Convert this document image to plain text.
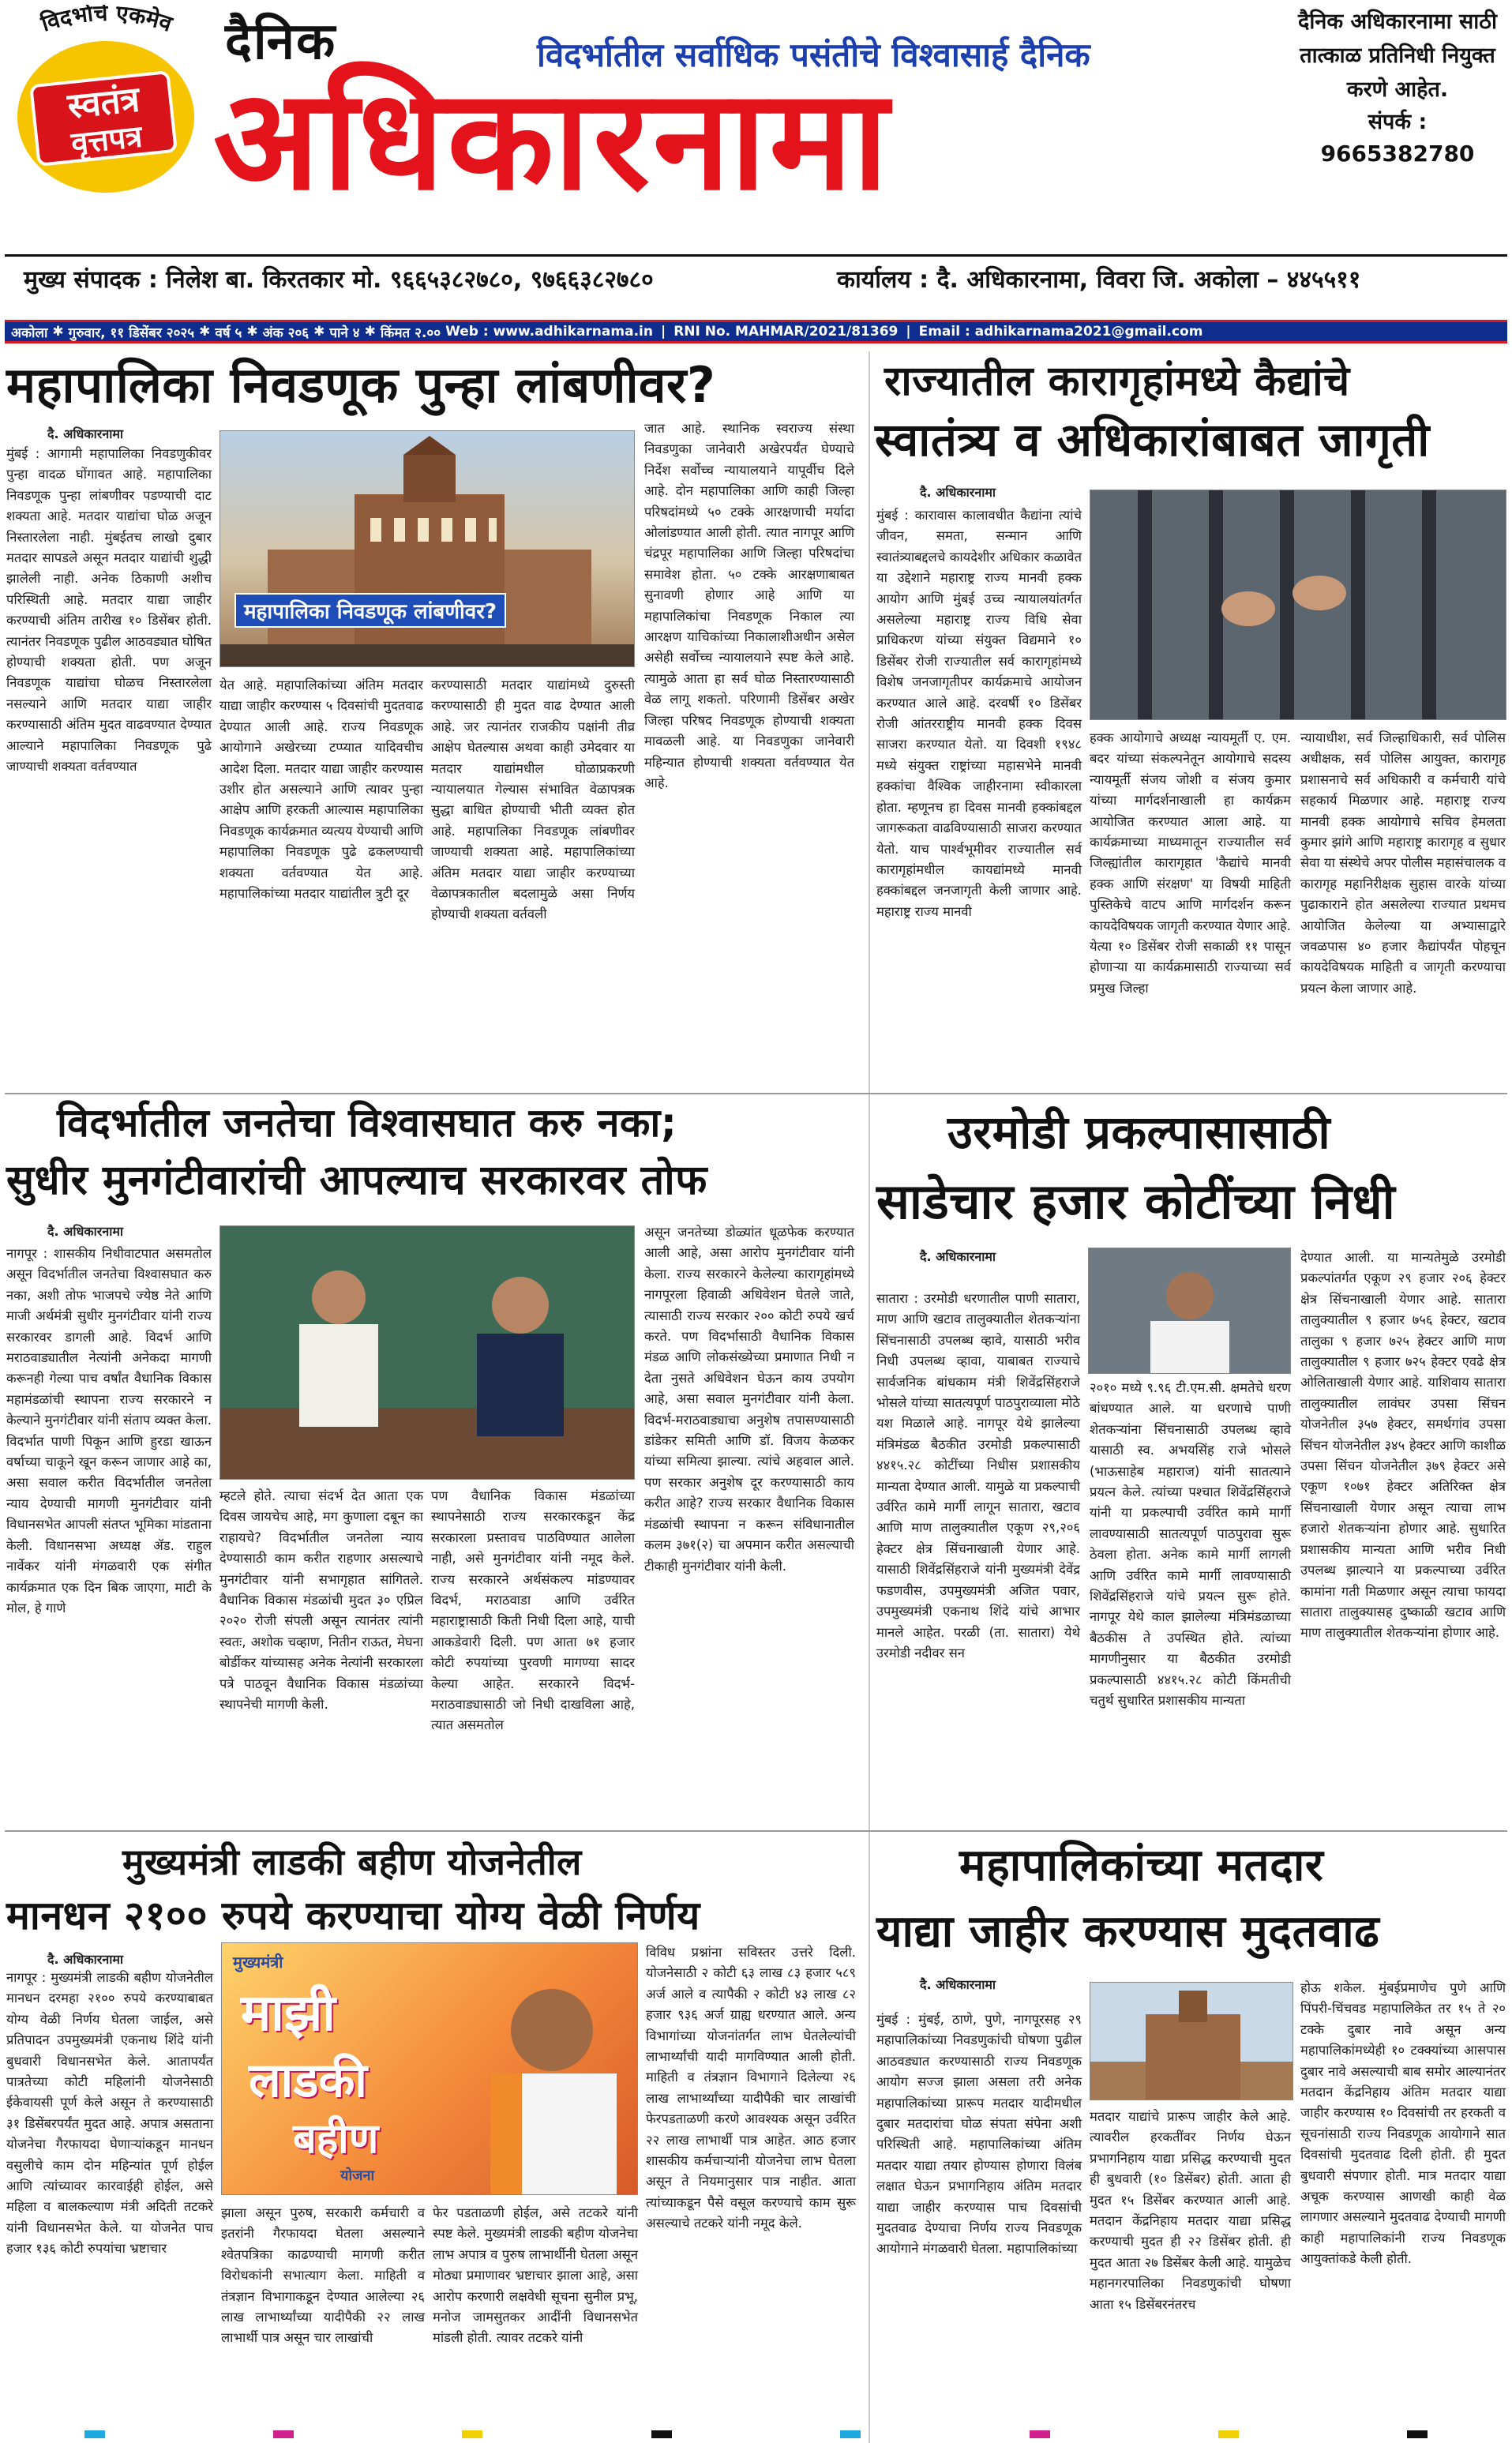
विदर्भाचे एकमेव
स्वतंत्र
वृत्तपत्र
दैनिक	विदर्भातील सर्वाधिक पसंतीचे विश्वासार्ह दैनिक
अधिकारनामा
दैनिक अधिकारनामा साठी तात्काळ प्रतिनिधी नियुक्त करणे आहेत.
संपर्क :
9665382780
मुख्य संपादक : निलेश बा. किरतकार मो. ९६६५३८२७८०, ९७६६३८२७८०	कार्यालय : दै. अधिकारनामा, विवरा जि. अकोला – ४४५५११
अकोला ✱ गुरुवार, ११ डिसेंबर २०२५ ✱ वर्ष ५ ✱ अंक २०६ ✱ पाने ४ ✱ किंमत २.०० Web : www.adhikarnama.in | RNI No. MAHMAR/2021/81369 | Email : adhikarnama2021@gmail.com
महापालिका निवडणूक पुन्हा लांबणीवर?
दै. अधिकारनामा
महापालिका निवडणूक लांबणीवर?
मुंबई : आगामी महापालिका निवडणुकीवर पुन्हा वादळ घोंगावत आहे. महापालिका निवडणूक पुन्हा लांबणीवर पडण्याची दाट शक्यता आहे. मतदार याद्यांचा घोळ अजून निस्तारलेला नाही. मुंबईतच लाखो दुबार मतदार सापडले असून मतदार याद्यांची शुद्धी झालेली नाही. अनेक ठिकाणी अशीच परिस्थिती आहे. मतदार याद्या जाहीर करण्याची अंतिम तारीख १० डिसेंबर होती. त्यानंतर निवडणूक पुढील आठवड्यात घोषित होण्याची शक्यता होती. पण अजून निवडणूक याद्यांचा घोळच निस्तारलेला नसल्याने आणि मतदार याद्या जाहीर करण्यासाठी अंतिम मुदत वाढवण्यात देण्यात आल्याने महापालिका निवडणूक पुढे जाण्याची शक्यता वर्तवण्यात
येत आहे. महापालिकांच्या अंतिम मतदार याद्या जाहीर करण्यास ५ दिवसांची मुदतवाढ देण्यात आली आहे. राज्य निवडणूक आयोगाने अखेरच्या टप्प्यात यादिवचीच आदेश दिला. मतदार याद्या जाहीर करण्यास उशीर होत असल्याने आणि त्यावर पुन्हा आक्षेप आणि हरकती आल्यास महापालिका निवडणूक कार्यक्रमात व्यत्यय येण्याची आणि महापालिका निवडणूक पुढे ढकलण्याची शक्यता वर्तवण्यात येत आहे. महापालिकांच्या मतदार याद्यांतील त्रुटी दूर
करण्यासाठी मतदार याद्यांमध्ये दुरुस्ती करण्यासाठी ही मुदत वाढ देण्यात आली आहे. जर त्यानंतर राजकीय पक्षांनी तीव्र आक्षेप घेतल्यास अथवा काही उमेदवार या मतदार याद्यांमधील घोळाप्रकरणी न्यायालयात गेल्यास संभावित वेळापत्रक सुद्धा बाधित होण्याची भीती व्यक्त होत आहे. महापालिका निवडणूक लांबणीवर जाण्याची शक्यता आहे. महापालिकांच्या अंतिम मतदार याद्या जाहीर करण्याच्या वेळापत्रकातील बदलामुळे असा निर्णय होण्याची शक्यता वर्तवली
जात आहे. स्थानिक स्वराज्य संस्था निवडणुका जानेवारी अखेरपर्यंत घेण्याचे निर्देश सर्वोच्च न्यायालयाने यापूर्वीच दिले आहे. दोन महापालिका आणि काही जिल्हा परिषदांमध्ये ५० टक्के आरक्षणाची मर्यादा ओलांडण्यात आली होती. त्यात नागपूर आणि चंद्रपूर महापालिका आणि जिल्हा परिषदांचा समावेश होता. ५० टक्के आरक्षणाबाबत सुनावणी होणार आहे आणि या महापालिकांचा निवडणूक निकाल त्या आरक्षण याचिकांच्या निकालाशीअधीन असेल असेही सर्वोच्च न्यायालयाने स्पष्ट केले आहे. त्यामुळे आता हा सर्व घोळ निस्तारण्यासाठी वेळ लागू शकतो. परिणामी डिसेंबर अखेर जिल्हा परिषद निवडणूक होण्याची शक्यता मावळली आहे. या निवडणुका जानेवारी महिन्यात होण्याची शक्यता वर्तवण्यात येत आहे.
राज्यातील कारागृहांमध्ये कैद्यांचे
स्वातंत्र्य व अधिकारांबाबत जागृती
दै. अधिकारनामा
मुंबई : कारावास कालावधीत कैद्यांना त्यांचे जीवन, समता, सन्मान आणि स्वातंत्र्याबद्दलचे कायदेशीर अधिकार कळावेत या उद्देशाने महाराष्ट्र राज्य मानवी हक्क आयोग आणि मुंबई उच्च न्यायालयांतर्गत असलेल्या महाराष्ट्र राज्य विधि सेवा प्राधिकरण यांच्या संयुक्त विद्यमाने १० डिसेंबर रोजी राज्यातील सर्व कारागृहांमध्ये विशेष जनजागृतीपर कार्यक्रमाचे आयोजन करण्यात आले आहे. दरवर्षी १० डिसेंबर रोजी आंतरराष्ट्रीय मानवी हक्क दिवस साजरा करण्यात येतो. या दिवशी १९४८ मध्ये संयुक्त राष्ट्रांच्या महासभेने मानवी हक्कांचा वैश्विक जाहीरनामा स्वीकारला होता. म्हणूनच हा दिवस मानवी हक्कांबद्दल जागरूकता वाढविण्यासाठी साजरा करण्यात येतो. याच पार्श्वभूमीवर राज्यातील सर्व कारागृहांमधील कायद्यांमध्ये मानवी हक्कांबद्दल जनजागृती केली जाणार आहे. महाराष्ट्र राज्य मानवी
हक्क आयोगाचे अध्यक्ष न्यायमूर्ती ए. एम. बदर यांच्या संकल्पनेतून आयोगाचे सदस्य न्यायमूर्ती संजय जोशी व संजय कुमार यांच्या मार्गदर्शनाखाली हा कार्यक्रम आयोजित करण्यात आला आहे. या कार्यक्रमाच्या माध्यमातून राज्यातील सर्व जिल्ह्यांतील कारागृहात 'कैद्यांचे मानवी हक्क आणि संरक्षण' या विषयी माहिती पुस्तिकेचे वाटप आणि मार्गदर्शन करून कायदेविषयक जागृती करण्यात येणार आहे. येत्या १० डिसेंबर रोजी सकाळी ११ पासून होणाऱ्या या कार्यक्रमासाठी राज्याच्या सर्व प्रमुख जिल्हा
न्यायाधीश, सर्व जिल्हाधिकारी, सर्व पोलिस अधीक्षक, सर्व पोलिस आयुक्त, कारागृह प्रशासनाचे सर्व अधिकारी व कर्मचारी यांचे सहकार्य मिळणार आहे. महाराष्ट्र राज्य मानवी हक्क आयोगाचे सचिव हेमलता कुमार झांगे आणि महाराष्ट्र कारागृह व सुधार सेवा या संस्थेचे अपर पोलीस महासंचालक व कारागृह महानिरीक्षक सुहास वारके यांच्या पुढाकाराने होत असलेल्या राज्यात प्रथमच आयोजित केलेल्या या अभ्यासाद्वारे जवळपास ४० हजार कैद्यांपर्यंत पोहचून कायदेविषयक माहिती व जागृती करण्याचा प्रयत्न केला जाणार आहे.
विदर्भातील जनतेचा विश्वासघात करु नका;
सुधीर मुनगंटीवारांची आपल्याच सरकारवर तोफ
दै. अधिकारनामा
नागपूर : शासकीय निधीवाटपात असमतोल असून विदर्भातील जनतेचा विश्वासघात करु नका, अशी तोफ भाजपचे ज्येष्ठ नेते आणि माजी अर्थमंत्री सुधीर मुनगंटीवार यांनी राज्य सरकारवर डागली आहे. विदर्भ आणि मराठवाड्यातील नेत्यांनी अनेकदा मागणी करूनही गेल्या पाच वर्षांत वैधानिक विकास महामंडळांची स्थापना राज्य सरकारने न केल्याने मुनगंटीवार यांनी संताप व्यक्त केला. विदर्भात पाणी पिकून आणि हुरडा खाऊन वर्षाच्या चाकूने खून करून जाणार आहे का, असा सवाल करीत विदर्भातील जनतेला न्याय देण्याची मागणी मुनगंटीवार यांनी विधानसभेत आपली संतप्त भूमिका मांडताना केली. विधानसभा अध्यक्ष ॲड. राहुल नार्वेकर यांनी मंगळवारी एक संगीत कार्यक्रमात एक दिन बिक जाएगा, माटी के मोल, हे गाणे
म्हटले होते. त्याचा संदर्भ देत आता एक दिवस जायचेच आहे, मग कुणाला दबून का राहायचे? विदर्भातील जनतेला न्याय देण्यासाठी काम करीत राहणार असल्याचे मुनगंटीवार यांनी सभागृहात सांगितले. वैधानिक विकास मंडळांची मुदत ३० एप्रिल २०२० रोजी संपली असून त्यानंतर त्यांनी स्वतः, अशोक चव्हाण, नितीन राऊत, मेघना बोर्डीकर यांच्यासह अनेक नेत्यांनी सरकारला पत्रे पाठवून वैधानिक विकास मंडळांच्या स्थापनेची मागणी केली.
पण वैधानिक विकास मंडळांच्या स्थापनेसाठी राज्य सरकारकडून केंद्र सरकारला प्रस्तावच पाठविण्यात आलेला नाही, असे मुनगंटीवार यांनी नमूद केले. राज्य सरकारने अर्थसंकल्प मांडण्यावर विदर्भ, मराठवाडा आणि उर्वरित महाराष्ट्रासाठी किती निधी दिला आहे, याची आकडेवारी दिली. पण आता ७१ हजार कोटी रुपयांच्या पुरवणी मागण्या सादर केल्या आहेत. सरकारने विदर्भ-मराठवाड्यासाठी जो निधी दाखविला आहे, त्यात असमतोल
असून जनतेच्या डोळ्यांत धूळफेक करण्यात आली आहे, असा आरोप मुनगंटीवार यांनी केला. राज्य सरकारने केलेल्या कारागृहांमध्ये नागपूरला हिवाळी अधिवेशन घेतले जाते, त्यासाठी राज्य सरकार २०० कोटी रुपये खर्च करते. पण विदर्भासाठी वैधानिक विकास मंडळ आणि लोकसंख्येच्या प्रमाणात निधी न देता नुसते अधिवेशन घेऊन काय उपयोग आहे, असा सवाल मुनगंटीवार यांनी केला. विदर्भ-मराठवाड्याचा अनुशेष तपासण्यासाठी डांडेकर समिती आणि डॉ. विजय केळकर यांच्या समित्या झाल्या. त्यांचे अहवाल आले. पण सरकार अनुशेष दूर करण्यासाठी काय करीत आहे? राज्य सरकार वैधानिक विकास मंडळांची स्थापना न करून संविधानातील कलम ३७१(२) चा अपमान करीत असल्याची टीकाही मुनगंटीवार यांनी केली.
उरमोडी प्रकल्पासासाठी
साडेचार हजार कोटींच्या निधी
दै. अधिकारनामा
सातारा : उरमोडी धरणातील पाणी सातारा, माण आणि खटाव तालुक्यातील शेतकऱ्यांना सिंचनासाठी उपलब्ध व्हावे, यासाठी भरीव निधी उपलब्ध व्हावा, याबाबत राज्याचे सार्वजनिक बांधकाम मंत्री शिवेंद्रसिंहराजे भोसले यांच्या सातत्यपूर्ण पाठपुराव्याला मोठे यश मिळाले आहे. नागपूर येथे झालेल्या मंत्रिमंडळ बैठकीत उरमोडी प्रकल्पासाठी ४४१५.२८ कोटींच्या निधीस प्रशासकीय मान्यता देण्यात आली. यामुळे या प्रकल्पाची उर्वरित कामे मार्गी लागून सातारा, खटाव आणि माण तालुक्यातील एकूण २९,२०६ हेक्टर क्षेत्र सिंचनाखाली येणार आहे. यासाठी शिवेंद्रसिंहराजे यांनी मुख्यमंत्री देवेंद्र फडणवीस, उपमुख्यमंत्री अजित पवार, उपमुख्यमंत्री एकनाथ शिंदे यांचे आभार मानले आहेत. परळी (ता. सातारा) येथे उरमोडी नदीवर सन
२०१० मध्ये ९.९६ टी.एम.सी. क्षमतेचे धरण बांधण्यात आले. या धरणाचे पाणी शेतकऱ्यांना सिंचनासाठी उपलब्ध व्हावे यासाठी स्व. अभयसिंह राजे भोसले (भाऊसाहेब महाराज) यांनी सातत्याने प्रयत्न केले. त्यांच्या पश्चात शिवेंद्रसिंहराजे यांनी या प्रकल्पाची उर्वरित कामे मार्गी लावण्यासाठी सातत्यपूर्ण पाठपुरावा सुरू ठेवला होता. अनेक कामे मार्गी लागली आणि उर्वरित कामे मार्गी लावण्यासाठी शिवेंद्रसिंहराजे यांचे प्रयत्न सुरू होते. नागपूर येथे काल झालेल्या मंत्रिमंडळाच्या बैठकीस ते उपस्थित होते. त्यांच्या मागणीनुसार या बैठकीत उरमोडी प्रकल्पासाठी ४४१५.२८ कोटी किंमतीची चतुर्थ सुधारित प्रशासकीय मान्यता
देण्यात आली. या मान्यतेमुळे उरमोडी प्रकल्पांतर्गत एकूण २९ हजार २०६ हेक्टर क्षेत्र सिंचनाखाली येणार आहे. सातारा तालुक्यातील ९ हजार ७५६ हेक्टर, खटाव तालुका ९ हजार ७२५ हेक्टर आणि माण तालुक्यातील ९ हजार ७२५ हेक्टर एवढे क्षेत्र ओलिताखाली येणार आहे. याशिवाय सातारा तालुक्यातील लावंघर उपसा सिंचन योजनेतील ३५७ हेक्टर, समर्थगांव उपसा सिंचन योजनेतील ३४५ हेक्टर आणि काशीळ उपसा सिंचन योजनेतील ३७९ हेक्टर असे एकूण १०७१ हेक्टर अतिरिक्त क्षेत्र सिंचनाखाली येणार असून त्याचा लाभ हजारो शेतकऱ्यांना होणार आहे. सुधारित प्रशासकीय मान्यता आणि भरीव निधी उपलब्ध झाल्याने या प्रकल्पाच्या उर्वरित कामांना गती मिळणार असून त्याचा फायदा सातारा तालुक्यासह दुष्काळी खटाव आणि माण तालुक्यातील शेतकऱ्यांना होणार आहे.
मुख्यमंत्री लाडकी बहीण योजनेतील
मानधन २१०० रुपये करण्याचा योग्य वेळी निर्णय
दै. अधिकारनामा	मुख्यमंत्री
माझी
लाडकी
बहीण
योजना
नागपूर : मुख्यमंत्री लाडकी बहीण योजनेतील मानधन दरमहा २१०० रुपये करण्याबाबत योग्य वेळी निर्णय घेतला जाईल, असे प्रतिपादन उपमुख्यमंत्री एकनाथ शिंदे यांनी बुधवारी विधानसभेत केले. आतापर्यंत पात्रतेच्या कोटी महिलांनी योजनेसाठी ईकेवायसी पूर्ण केले असून ते करण्यासाठी ३१ डिसेंबरपर्यंत मुदत आहे. अपात्र असताना योजनेचा गैरफायदा घेणाऱ्यांकडून मानधन वसुलीचे काम दोन महिन्यांत पूर्ण होईल आणि त्यांच्यावर कारवाईही होईल, असे महिला व बालकल्याण मंत्री अदिती तटकरे यांनी विधानसभेत केले. या योजनेत पाच हजार १३६ कोटी रुपयांचा भ्रष्टाचार
झाला असून पुरुष, सरकारी कर्मचारी व इतरांनी गैरफायदा घेतला असल्याने श्वेतपत्रिका काढण्याची मागणी करीत विरोधकांनी सभात्याग केला. माहिती व तंत्रज्ञान विभागाकडून देण्यात आलेल्या २६ लाख लाभार्थ्यांच्या यादीपैकी २२ लाख लाभार्थी पात्र असून चार लाखांची
फेर पडताळणी होईल, असे तटकरे यांनी स्पष्ट केले. मुख्यमंत्री लाडकी बहीण योजनेचा लाभ अपात्र व पुरुष लाभार्थीनी घेतला असून मोठ्या प्रमाणावर भ्रष्टाचार झाला आहे, असा आरोप करणारी लक्षवेधी सूचना सुनील प्रभू, मनोज जामसुतकर आदींनी विधानसभेत मांडली होती. त्यावर तटकरे यांनी
विविध प्रश्नांना सविस्तर उत्तरे दिली. योजनेसाठी २ कोटी ६३ लाख ८३ हजार ५८९ अर्ज आले व त्यापैकी २ कोटी ४३ लाख ८२ हजार ९३६ अर्ज ग्राह्य धरण्यात आले. अन्य विभागांच्या योजनांतर्गत लाभ घेतलेल्यांची लाभार्थ्यांची यादी मागविण्यात आली होती. माहिती व तंत्रज्ञान विभागाने दिलेल्या २६ लाख लाभार्थ्यांच्या यादीपैकी चार लाखांची फेरपडताळणी करणे आवश्यक असून उर्वरित २२ लाख लाभार्थी पात्र आहेत. आठ हजार शासकीय कर्मचाऱ्यांनी योजनेचा लाभ घेतला असून ते नियमानुसार पात्र नाहीत. आता त्यांच्याकडून पैसे वसूल करण्याचे काम सुरू असल्याचे तटकरे यांनी नमूद केले.
महापालिकांच्या मतदार
याद्या जाहीर करण्यास मुदतवाढ
दै. अधिकारनामा
मुंबई : मुंबई, ठाणे, पुणे, नागपूरसह २९ महापालिकांच्या निवडणुकांची घोषणा पुढील आठवड्यात करण्यासाठी राज्य निवडणूक आयोग सज्ज झाला असला तरी अनेक महापालिकांच्या प्रारूप मतदार यादीमधील दुबार मतदारांचा घोळ संपता संपेना अशी परिस्थिती आहे. महापालिकांच्या अंतिम मतदार याद्या तयार होण्यास होणारा विलंब लक्षात घेऊन प्रभागनिहाय अंतिम मतदार याद्या जाहीर करण्यास पाच दिवसांची मुदतवाढ देण्याचा निर्णय राज्य निवडणूक आयोगाने मंगळवारी घेतला. महापालिकांच्या
मतदार याद्यांचे प्रारूप जाहीर केले आहे. त्यावरील हरकतींवर निर्णय घेऊन प्रभागनिहाय याद्या प्रसिद्ध करण्याची मुदत ही बुधवारी (१० डिसेंबर) होती. आता ही मुदत १५ डिसेंबर करण्यात आली आहे. मतदान केंद्रनिहाय मतदार याद्या प्रसिद्ध करण्याची मुदत ही २२ डिसेंबर होती. ही मुदत आता २७ डिसेंबर केली आहे. यामुळेच महानगरपालिका निवडणुकांची घोषणा आता १५ डिसेंबरनंतरच
होऊ शकेल. मुंबईप्रमाणेच पुणे आणि पिंपरी-चिंचवड महापालिकेत तर १५ ते २० टक्के दुबार नावे असून अन्य महापालिकांमध्येही १० टक्क्यांच्या आसपास दुबार नावे असल्याची बाब समोर आल्यानंतर मतदान केंद्रनिहाय अंतिम मतदार याद्या जाहीर करण्यास १० दिवसांची तर हरकती व सूचनांसाठी राज्य निवडणूक आयोगाने सात दिवसांची मुदतवाढ दिली होती. ही मुदत बुधवारी संपणार होती. मात्र मतदार याद्या अचूक करण्यास आणखी काही वेळ लागणार असल्याने मुदतवाढ देण्याची मागणी काही महापालिकांनी राज्य निवडणूक आयुक्तांकडे केली होती.
